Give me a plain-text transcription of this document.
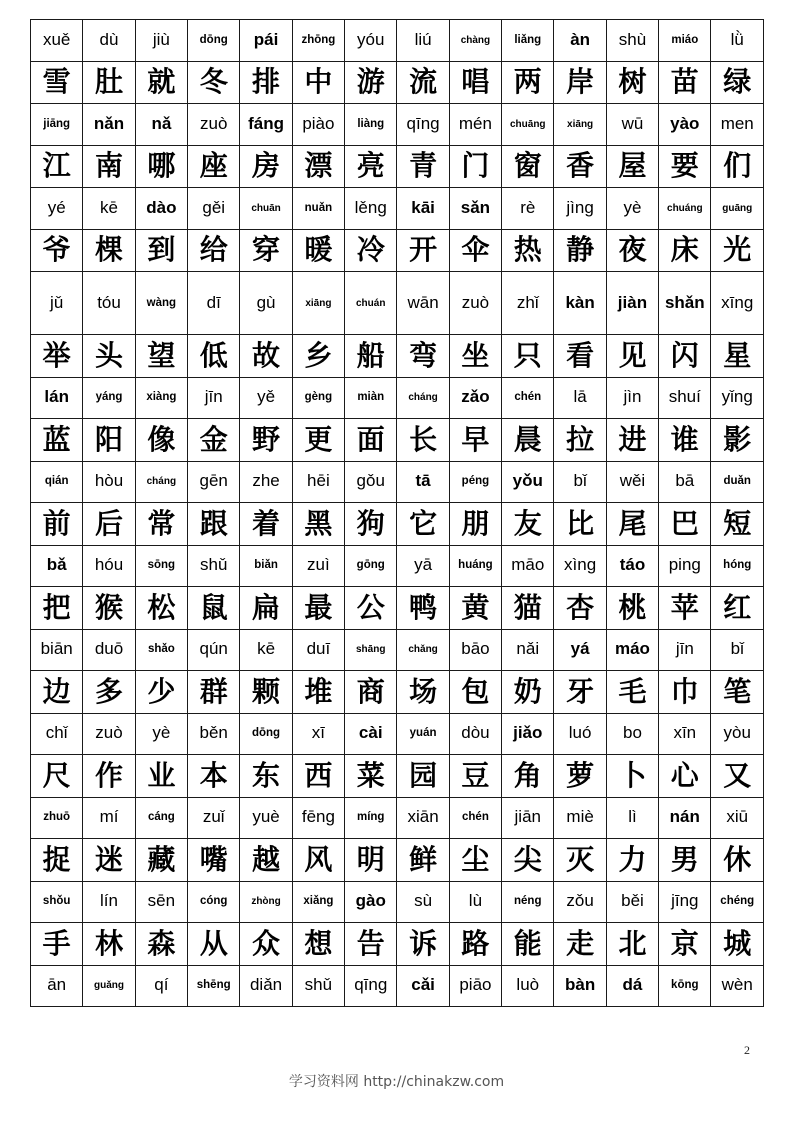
xuě	dù	jiù	dōng	pái	zhōng	yóu	liú	chàng	liǎng	àn	shù	miáo	lǜ
雪	肚	就	冬	排	中	游	流	唱	两	岸	树	苗	绿
jiāng	nǎn	nǎ	zuò	fáng	piào	liàng	qīng	mén	chuāng	xiāng	wū	yào	men
江	南	哪	座	房	漂	亮	青	门	窗	香	屋	要	们
yé	kē	dào	gěi	chuān	nuǎn	lěng	kāi	sǎn	rè	jìng	yè	chuáng	guāng
爷	棵	到	给	穿	暖	冷	开	伞	热	静	夜	床	光
jǔ	tóu	wàng	dī	gù	xiāng	chuán	wān	zuò	zhǐ	kàn	jiàn	shǎn	xīng
举	头	望	低	故	乡	船	弯	坐	只	看	见	闪	星
lán	yáng	xiàng	jīn	yě	gèng	miàn	cháng	zǎo	chén	lā	jìn	shuí	yǐng
蓝	阳	像	金	野	更	面	长	早	晨	拉	进	谁	影
qián	hòu	cháng	gēn	zhe	hēi	gǒu	tā	péng	yǒu	bǐ	wěi	bā	duǎn
前	后	常	跟	着	黑	狗	它	朋	友	比	尾	巴	短
bǎ	hóu	sōng	shǔ	biǎn	zuì	gōng	yā	huáng	māo	xìng	táo	ping	hóng
把	猴	松	鼠	扁	最	公	鸭	黄	猫	杏	桃	苹	红
biān	duō	shǎo	qún	kē	duī	shāng	chǎng	bāo	nǎi	yá	máo	jīn	bǐ
边	多	少	群	颗	堆	商	场	包	奶	牙	毛	巾	笔
chǐ	zuò	yè	běn	dōng	xī	cài	yuán	dòu	jiǎo	luó	bo	xīn	yòu
尺	作	业	本	东	西	菜	园	豆	角	萝	卜	心	又
zhuō	mí	cáng	zuǐ	yuè	fēng	míng	xiān	chén	jiān	miè	lì	nán	xiū
捉	迷	藏	嘴	越	风	明	鲜	尘	尖	灭	力	男	休
shǒu	lín	sēn	cóng	zhòng	xiǎng	gào	sù	lù	néng	zǒu	běi	jīng	chéng
手	林	森	从	众	想	告	诉	路	能	走	北	京	城
ān	guǎng	qí	shēng	diǎn	shǔ	qīng	cǎi	piāo	luò	bàn	dá	kōng	wèn
2
学习资料网 http://chinakzw.com
